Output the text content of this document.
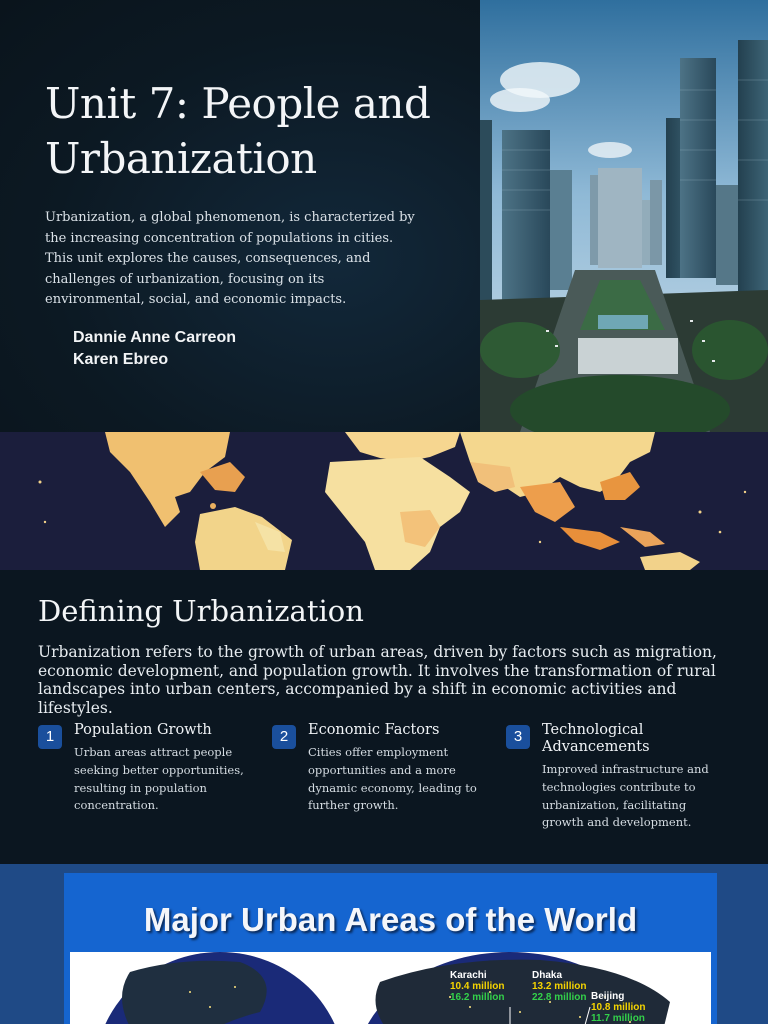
Unit 7: People and Urbanization

Urbanization, a global phenomenon, is characterized by the increasing concentration of populations in cities. This unit explores the causes, consequences, and challenges of urbanization, focusing on its environmental, social, and economic impacts.

Dannie Anne Carreon
Karen Ebreo
Defining Urbanization

Urbanization refers to the growth of urban areas, driven by factors such as migration, economic development, and population growth. It involves the transformation of rural landscapes into urban centers, accompanied by a shift in economic activities and lifestyles.

1	Population Growth

Urban areas attract people seeking better opportunities, resulting in population concentration.

2	Economic Factors

Cities offer employment opportunities and a more dynamic economy, leading to further growth.

3	Technological Advancements

Improved infrastructure and technologies contribute to urbanization, facilitating growth and development.

Major Urban Areas of the World
Karachi
10.4 million
16.2 million
Dhaka
13.2 million
22.8 million Beijing
10.8 million
11.7 million
